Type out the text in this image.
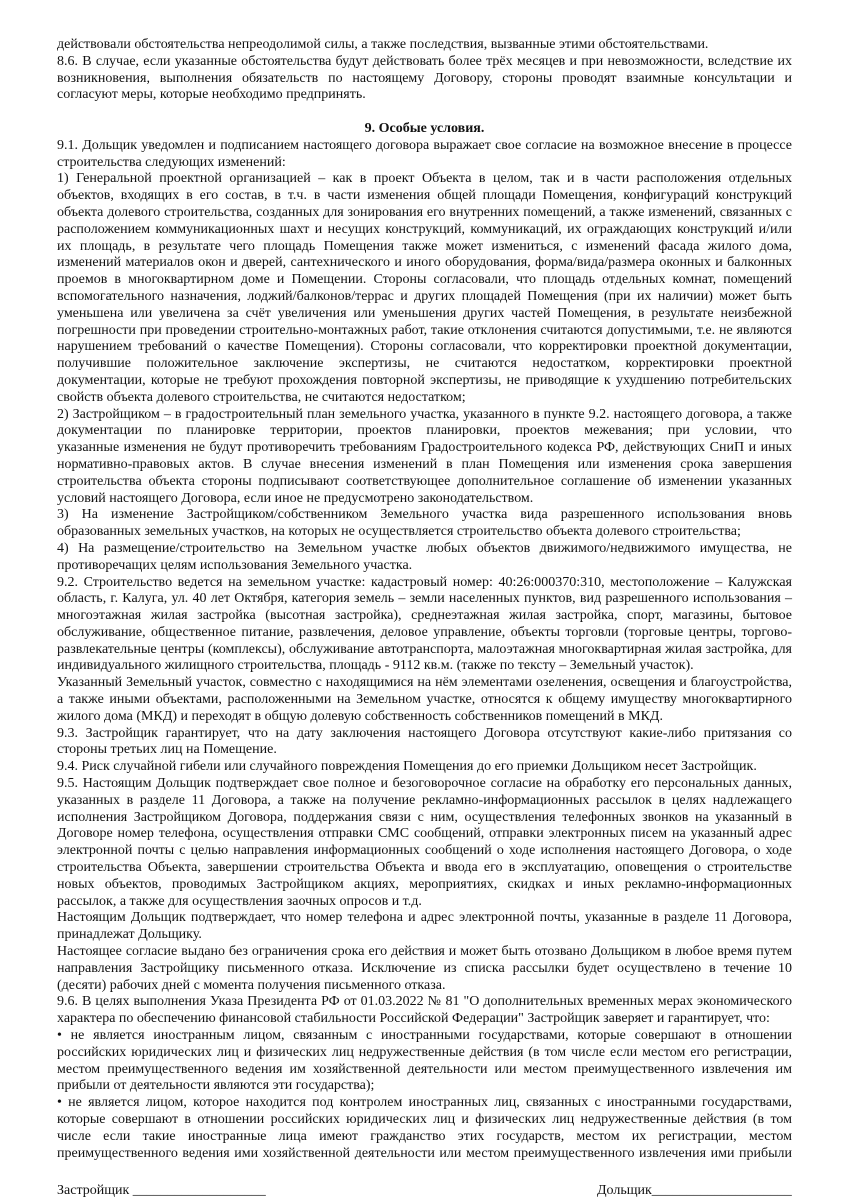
действовали обстоятельства непреодолимой силы, а также последствия, вызванные этими обстоятельствами.
8.6. В случае, если указанные обстоятельства будут действовать более трёх месяцев и при невозможности, вследствие их
возникновения, выполнения обязательств по настоящему Договору, стороны проводят взаимные консультации и
согласуют меры, которые необходимо предпринять.
9. Особые условия.
9.1. Дольщик уведомлен и подписанием настоящего договора выражает свое согласие на возможное внесение в процессе
строительства следующих изменений:
1) Генеральной проектной организацией – как в проект Объекта в целом, так и в части расположения отдельных
объектов, входящих в его состав, в т.ч. в части изменения общей площади Помещения, конфигураций конструкций
объекта долевого строительства, созданных для зонирования его внутренних помещений, а также изменений, связанных с
расположением коммуникационных шахт и несущих конструкций, коммуникаций, их ограждающих конструкций и/или
их площадь, в результате чего площадь Помещения также может измениться, с изменений фасада жилого дома,
изменений материалов окон и дверей, сантехнического и иного оборудования, форма/вида/размера оконных и балконных
проемов в многоквартирном доме и Помещении. Стороны согласовали, что площадь отдельных комнат, помещений
вспомогательного назначения, лоджий/балконов/террас и других площадей Помещения (при их наличии) может быть
уменьшена или увеличена за счёт увеличения или уменьшения других частей Помещения, в результате неизбежной
погрешности при проведении строительно-монтажных работ, такие отклонения считаются допустимыми, т.е. не являются
нарушением требований о качестве Помещения). Стороны согласовали, что корректировки проектной документации,
получившие положительное заключение экспертизы, не считаются недостатком, корректировки проектной
документации, которые не требуют прохождения повторной экспертизы, не приводящие к ухудшению потребительских
свойств объекта долевого строительства, не считаются недостатком;
2) Застройщиком – в градостроительный план земельного участка, указанного в пункте 9.2. настоящего договора, а также
документации по планировке территории, проектов планировки, проектов межевания; при условии, что
указанные изменения не будут противоречить требованиям Градостроительного кодекса РФ, действующих СниП и иных
нормативно-правовых актов. В случае внесения изменений в план Помещения или изменения срока завершения
строительства объекта стороны подписывают соответствующее дополнительное соглашение об изменении указанных
условий настоящего Договора, если иное не предусмотрено законодательством.
3) На изменение Застройщиком/собственником Земельного участка вида разрешенного использования вновь
образованных земельных участков, на которых не осуществляется строительство объекта долевого строительства;
4) На размещение/строительство на Земельном участке любых объектов движимого/недвижимого имущества, не
противоречащих целям использования Земельного участка.
9.2. Строительство ведется на земельном участке: кадастровый номер: 40:26:000370:310, местоположение – Калужская
область, г. Калуга, ул. 40 лет Октября, категория земель – земли населенных пунктов, вид разрешенного использования –
многоэтажная жилая застройка (высотная застройка), среднеэтажная жилая застройка, спорт, магазины, бытовое
обслуживание, общественное питание, развлечения, деловое управление, объекты торговли (торговые центры, торгово-
развлекательные центры (комплексы), обслуживание автотранспорта, малоэтажная многоквартирная жилая застройка, для
индивидуального жилищного строительства, площадь - 9112 кв.м. (также по тексту – Земельный участок).
Указанный Земельный участок, совместно с находящимися на нём элементами озеленения, освещения и благоустройства,
а также иными объектами, расположенными на Земельном участке, относятся к общему имуществу многоквартирного
жилого дома (МКД) и переходят в общую долевую собственность собственников помещений в МКД.
9.3. Застройщик гарантирует, что на дату заключения настоящего Договора отсутствуют какие-либо притязания со
стороны третьих лиц на Помещение.
9.4. Риск случайной гибели или случайного повреждения Помещения до его приемки Дольщиком несет Застройщик.
9.5. Настоящим Дольщик подтверждает свое полное и безоговорочное согласие на обработку его персональных данных,
указанных в разделе 11 Договора, а также на получение рекламно-информационных рассылок в целях надлежащего
исполнения Застройщиком Договора, поддержания связи с ним, осуществления телефонных звонков на указанный в
Договоре номер телефона, осуществления отправки СМС сообщений, отправки электронных писем на указанный адрес
электронной почты с целью направления информационных сообщений о ходе исполнения настоящего Договора, о ходе
строительства Объекта, завершении строительства Объекта и ввода его в эксплуатацию, оповещения о строительстве
новых объектов, проводимых Застройщиком акциях, мероприятиях, скидках и иных рекламно-информационных
рассылок, а также для осуществления заочных опросов и т.д.
Настоящим Дольщик подтверждает, что номер телефона и адрес электронной почты, указанные в разделе 11 Договора,
принадлежат Дольщику.
Настоящее согласие выдано без ограничения срока его действия и может быть отозвано Дольщиком в любое время путем
направления Застройщику письменного отказа. Исключение из списка рассылки будет осуществлено в течение 10
(десяти) рабочих дней с момента получения письменного отказа.
9.6. В целях выполнения Указа Президента РФ от 01.03.2022 № 81 "О дополнительных временных мерах экономического
характера по обеспечению финансовой стабильности Российской Федерации" Застройщик заверяет и гарантирует, что:
• не является иностранным лицом, связанным с иностранными государствами, которые совершают в отношении
российских юридических лиц и физических лиц недружественные действия (в том числе если местом его регистрации,
местом преимущественного ведения им хозяйственной деятельности или местом преимущественного извлечения им
прибыли от деятельности являются эти государства);
• не является лицом, которое находится под контролем иностранных лиц, связанных с иностранными государствами,
которые совершают в отношении российских юридических лиц и физических лиц недружественные действия (в том
числе если такие иностранные лица имеют гражданство этих государств, местом их регистрации, местом
преимущественного ведения ими хозяйственной деятельности или местом преимущественного извлечения ими прибыли
Застройщик ___________________	Дольщик____________________
